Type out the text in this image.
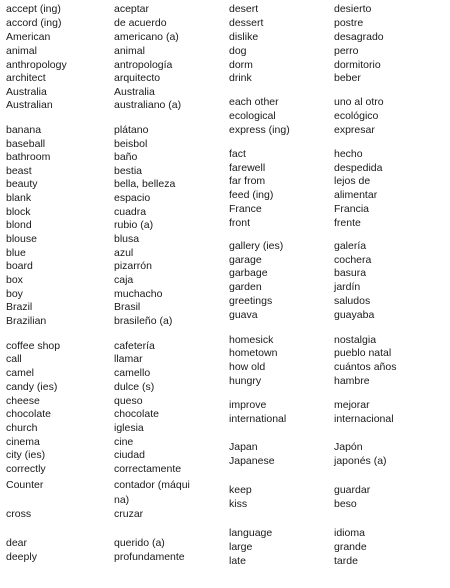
accept (ing)
accord (ing)
American
animal
anthropology
architect
Australia
Australian
banana
baseball
bathroom
beast
beauty
blank
block
blond
blouse
blue
board
box
boy
Brazil
Brazilian
coffee shop
call
camel
candy (ies)
cheese
chocolate
church
cinema
city (ies)
correctly
Counter
cross
dear
deeply
aceptar
de acuerdo
americano (a)
animal
antropología
arquitecto
Australia
australiano (a)
plátano
beisbol
baño
bestia
bella, belleza
espacio
cuadra
rubio (a)
blusa
azul
pizarrón
caja
muchacho
Brasil
brasileño (a)
cafetería
llamar
camello
dulce (s)
queso
chocolate
iglesia
cine
ciudad
correctamente
contador (máqui
na)
cruzar
querido (a)
profundamente
desert
dessert
dislike
dog
dorm
drink
each other
ecological
express (ing)
fact
farewell
far from
feed (ing)
France
front
gallery (ies)
garage
garbage
garden
greetings
guava
homesick
hometown
how old
hungry
improve
international
Japan
Japanese
keep
kiss
language
large
late
desierto
postre
desagrado
perro
dormitorio
beber
uno al otro
ecológico
expresar
hecho
despedida
lejos de
alimentar
Francia
frente
galería
cochera
basura
jardín
saludos
guayaba
nostalgia
pueblo natal
cuántos años
hambre
mejorar
internacional
Japón
japonés (a)
guardar
beso
idioma
grande
tarde
